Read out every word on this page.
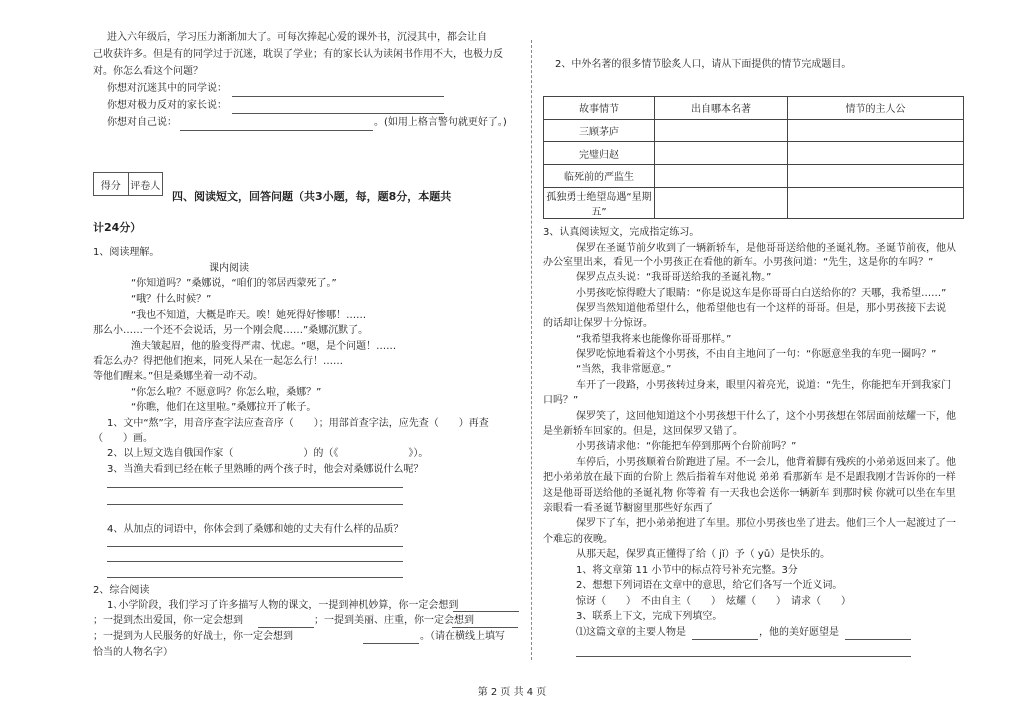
进入六年级后，学习压力渐渐加大了。可每次捧起心爱的课外书，沉浸其中，都会让自
己收获许多。但是有的同学过于沉迷，耽误了学业；有的家长认为读闲书作用不大，也极力反
对。你怎么看这个问题？
你想对沉迷其中的同学说：
你想对极力反对的家长说：
你想对自己说：	。(如用上格言警句就更好了。)
得分 评卷人
四、阅读短文，回答问题（共3小题，每，题8分，本题共
计24分）
1、阅读理解。
课内阅读
“你知道吗？”桑娜说，“咱们的邻居西蒙死了。”
“哦？什么时候？”
“我也不知道，大概是昨天。唉！她死得好惨哪！……
那么小……一个还不会说话，另一个刚会爬……”桑娜沉默了。
渔夫皱起眉，他的脸变得严肃、忧虑。“嗯，是个问题！……
看怎么办？得把他们抱来，同死人呆在一起怎么行！……
等他们醒来。”但是桑娜坐着一动不动。
“你怎么啦？不愿意吗？你怎么啦，桑娜？”
“你瞧，他们在这里啦。”桑娜拉开了帐子。
1、文中“熬”字，用音序查字法应查音序（　　）；用部首查字法，应先查（　　）再查
（　　）画。
2、以上短文选自俄国作家（　　　　　　　）的（《　　　　　　　》）。
3、当渔夫看到已经在帐子里熟睡的两个孩子时，他会对桑娜说什么呢？
4、从加点的词语中，你体会到了桑娜和她的丈夫有什么样的品质？
2、综合阅读
1､小学阶段，我们学习了许多描写人物的课文，一提到神机妙算，你一定会想到
；一提到杰出爱国，你一定会想到	；一提到美丽、庄重，你一定会想到
；一提到为人民服务的好战士，你一定会想到	。（请在横线上填写
恰当的人物名字）
2、中外名著的很多情节脍炙人口，请从下面提供的情节完成题目。
故事情节	出自哪本名著	情节的主人公
三顾茅庐		
完璧归赵		
临死前的严监生		
孤独勇士绝望岛遇“星期五”		
3、认真阅读短文，完成指定练习。
保罗在圣诞节前夕收到了一辆新轿车，是他哥哥送给他的圣诞礼物。圣诞节前夜，他从
办公室里出来，看见一个小男孩正在看他的新车。小男孩问道：“先生，这是你的车吗？”
保罗点点头说：“我哥哥送给我的圣诞礼物。”
小男孩吃惊得瞪大了眼睛：“你是说这车是你哥哥白白送给你的？天哪，我希望……”
保罗当然知道他希望什么，他希望他也有一个这样的哥哥。但是，那小男孩接下去说
的话却让保罗十分惊讶。
“我希望我将来也能像你哥哥那样。”
保罗吃惊地看着这个小男孩，不由自主地问了一句：“你愿意坐我的车兜一圈吗？”
“当然，我非常愿意。”
车开了一段路，小男孩转过身来，眼里闪着亮光，说道：“先生，你能把车开到我家门
口吗？”
保罗笑了，这回他知道这个小男孩想干什么了，这个小男孩想在邻居面前炫耀一下，他
是坐新轿车回家的。但是，这回保罗又错了。
小男孩请求他：“你能把车停到那两个台阶前吗？”
车停后，小男孩顺着台阶跑进了屋。不一会儿，他背着脚有残疾的小弟弟返回来了。他
把小弟弟放在最下面的台阶上 然后指着车对他说 弟弟 看那新车 是不是跟我刚才告诉你的一样
这是他哥哥送给他的圣诞礼物 你等着 有一天我也会送你一辆新车 到那时候 你就可以坐在车里
亲眼看一看圣诞节橱窗里那些好东西了
保罗下了车，把小弟弟抱进了车里。那位小男孩也坐了进去。他们三个人一起渡过了一
个难忘的夜晚。
从那天起，保罗真正懂得了给（ jǐ）予（ yǔ）是快乐的。
1、将文章第 11 小节中的标点符号补充完整。3分
2、想想下列词语在文章中的意思，给它们各写一个近义词。
惊讶（　　）　不由自主（　　）　炫耀（　　）　请求（　　）
3、联系上下文，完成下列填空。
⑴这篇文章的主要人物是	，他的美好愿望是
第 2 页 共 4 页
